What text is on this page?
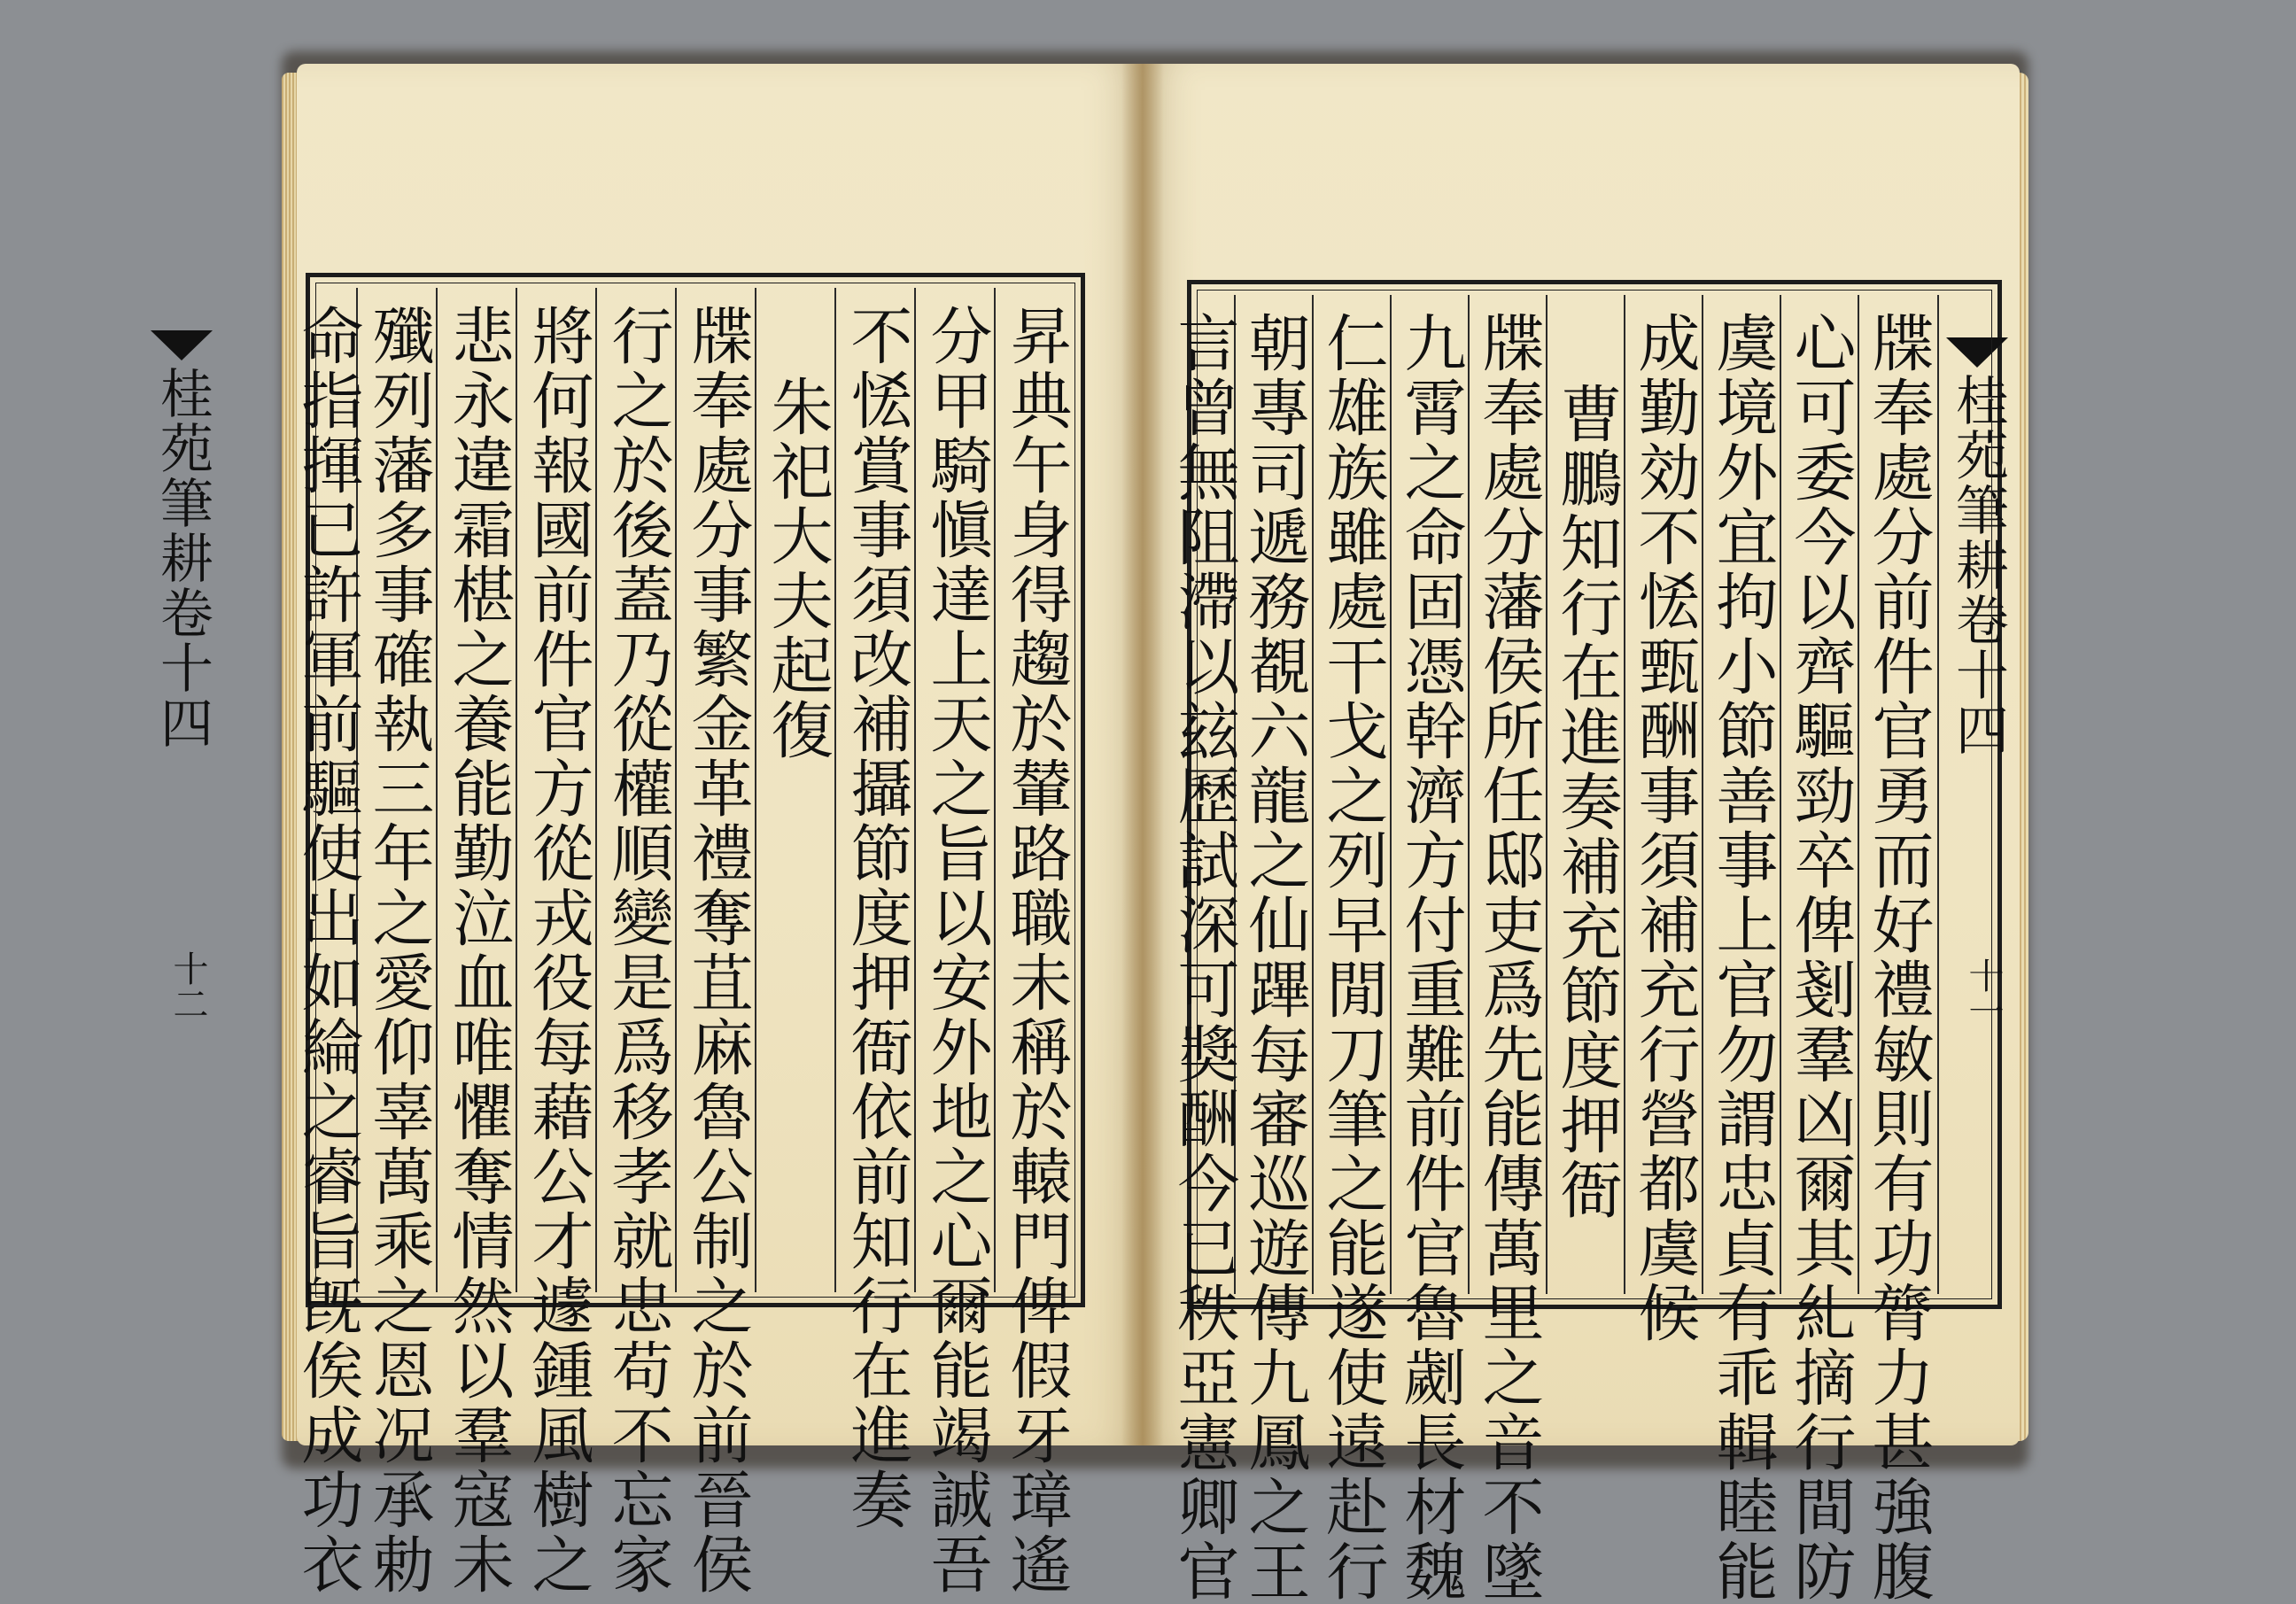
桂苑筆耕卷十四
十二	昇典午身得趨於輦路職未稱於轅門俾假牙璋遙
分甲騎愼達上天之旨以安外地之心爾能竭誠吾
不恡賞事須改補攝節度押衙依前知行在進奏
朱祀大夫起復
牒奉處分事繁金革禮奪苴麻魯公制之於前晉侯
行之於後蓋乃從權順變是爲移孝就忠苟不忘家
將何報國前件官方從戎役每藉公才遽鍾風樹之
悲永違霜椹之養能勤泣血唯懼奪情然以羣寇未
殲列藩多事確執三年之愛仰辜萬乘之恩况承勅
命指揮已許軍前驅使出如綸之睿旨旣俟成功衣	桂苑筆耕卷十四
十一
牒奉處分前件官勇而好禮敏則有功膂力甚強腹
心可委今以齊驅勁卒俾剗羣凶爾其糺摘行間防
虞境外宜拘小節善事上官勿謂忠貞有乖輯睦能
成勤効不恡甄酬事須補充行營都虞候
曹鵬知行在進奏補充節度押衙
牒奉處分藩侯所任邸吏爲先能傳萬里之音不墜
九霄之命固憑幹濟方付重難前件官魯劌長材魏
仁雄族雖處干戈之列早閒刀筆之能遂使遠赴行
朝專司遞務覩六龍之仙蹕每審巡遊傳九鳳之王
言曾無阻滯以玆歷試深可奬酬今已秩亞憲卿官
